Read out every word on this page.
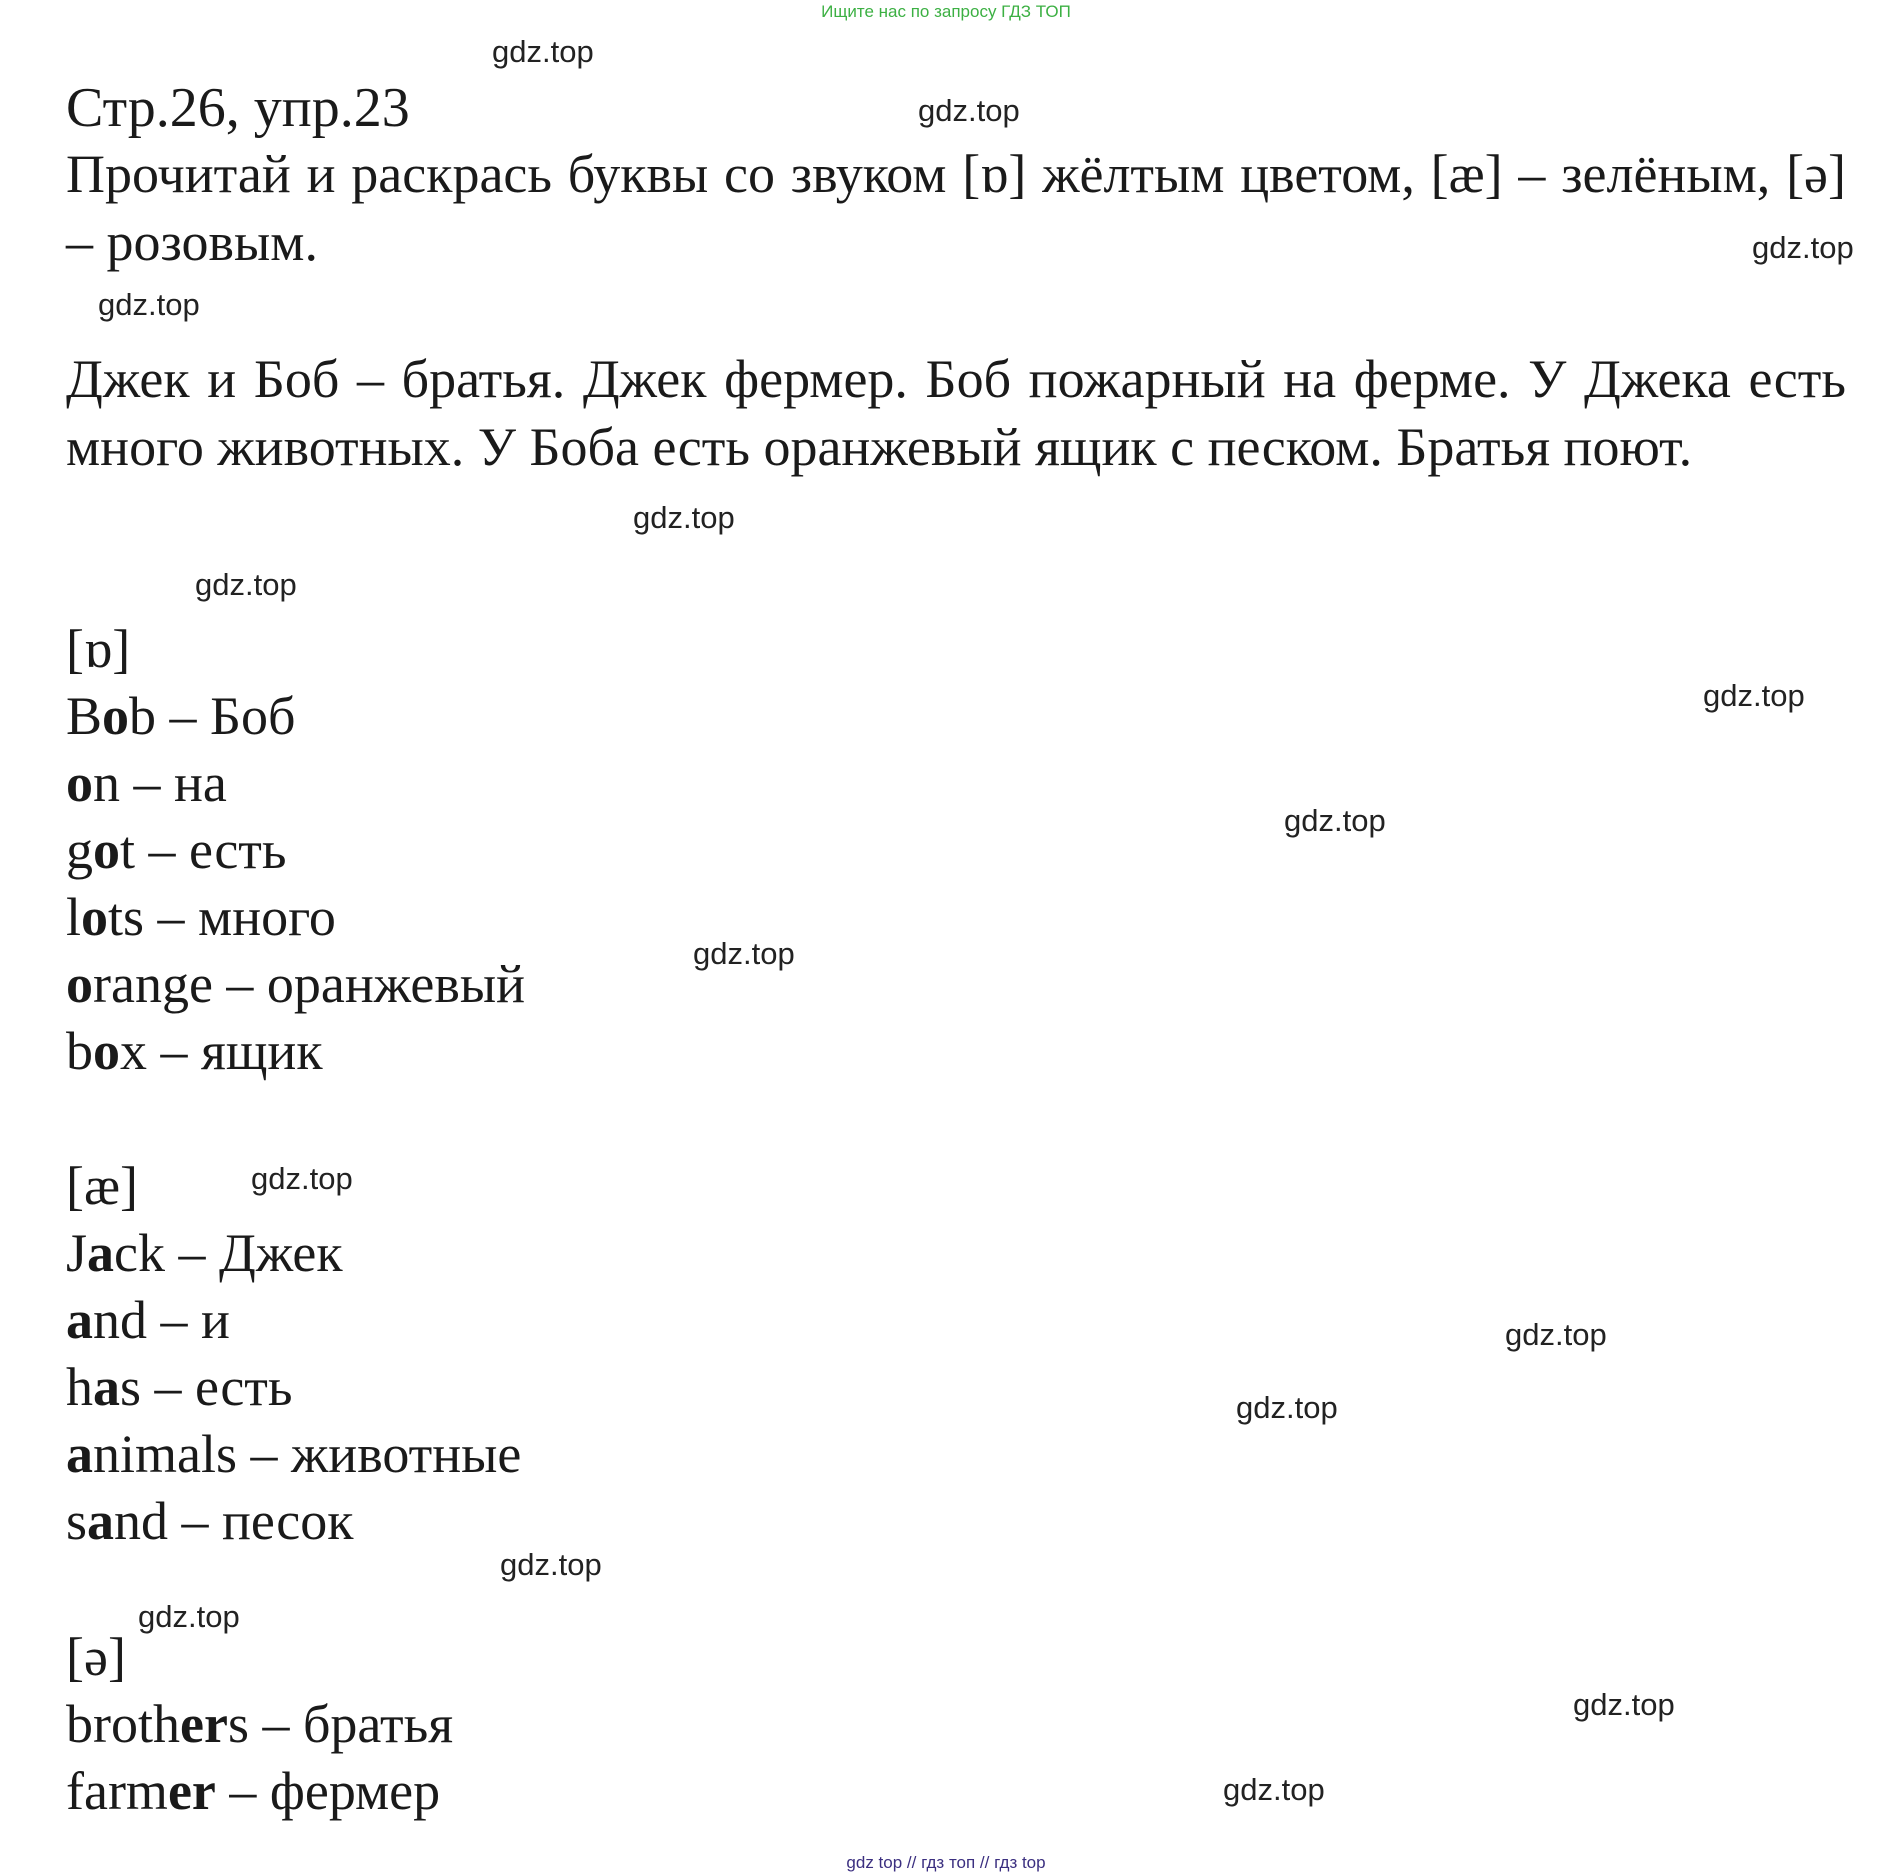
Ищите нас по запросу ГДЗ ТОП
Стр.26, упр.23
Прочитай и раскрась буквы со звуком [ɒ] жёлтым цветом, [æ] – зелёным, [ə] – розовым.
Джек и Боб – братья. Джек фермер. Боб пожарный на ферме. У Джека есть много животных. У Боба есть оранжевый ящик с песком. Братья поют.
[ɒ]
Bob – Боб
on – на
got – есть
lots – много
orange – оранжевый
box – ящик
[æ]
Jack – Джек
and – и
has – есть
animals – животные
sand – песок
[ə]
brothers – братья
farmer – фермер
gdz.top
gdz.top
gdz.top
gdz.top
gdz.top
gdz.top
gdz.top
gdz.top
gdz.top
gdz.top
gdz.top
gdz.top
gdz.top
gdz.top
gdz.top
gdz.top
gdz top // гдз топ // гдз top
